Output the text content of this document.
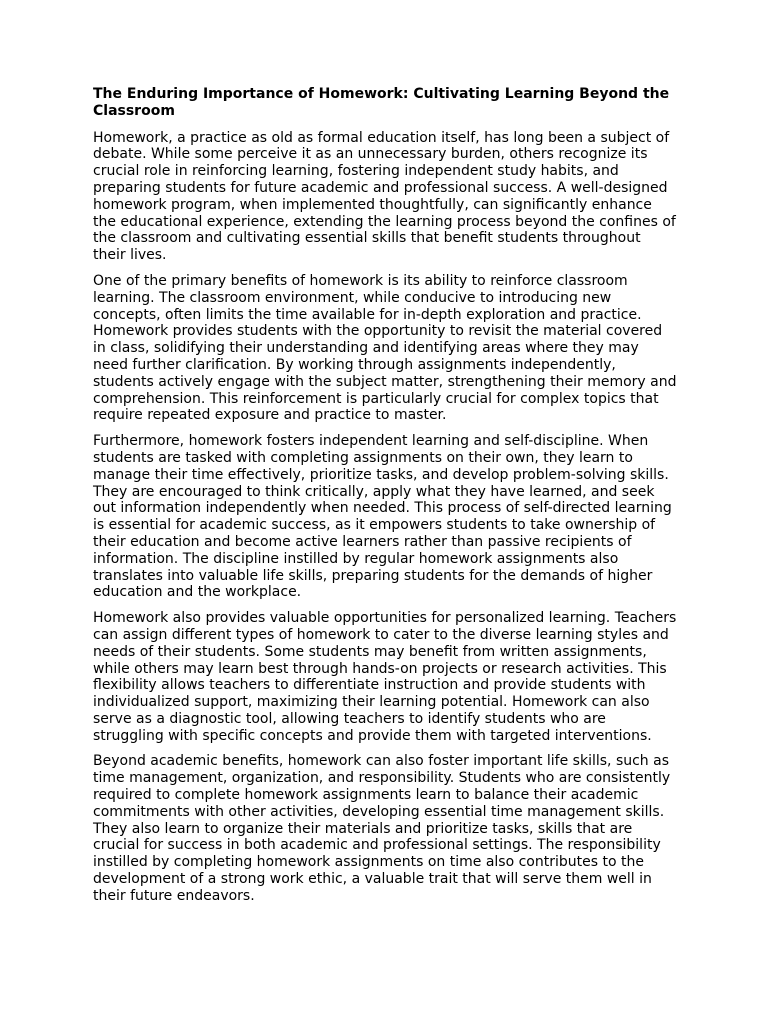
The Enduring Importance of Homework: Cultivating Learning Beyond the Classroom

Homework, a practice as old as formal education itself, has long been a subject of debate. While some perceive it as an unnecessary burden, others recognize its crucial role in reinforcing learning, fostering independent study habits, and preparing students for future academic and professional success. A well-designed homework program, when implemented thoughtfully, can significantly enhance the educational experience, extending the learning process beyond the confines of the classroom and cultivating essential skills that benefit students throughout their lives.

One of the primary benefits of homework is its ability to reinforce classroom learning. The classroom environment, while conducive to introducing new concepts, often limits the time available for in-depth exploration and practice. Homework provides students with the opportunity to revisit the material covered in class, solidifying their understanding and identifying areas where they may need further clarification. By working through assignments independently, students actively engage with the subject matter, strengthening their memory and comprehension. This reinforcement is particularly crucial for complex topics that require repeated exposure and practice to master.

Furthermore, homework fosters independent learning and self-discipline. When students are tasked with completing assignments on their own, they learn to manage their time effectively, prioritize tasks, and develop problem-solving skills. They are encouraged to think critically, apply what they have learned, and seek out information independently when needed. This process of self-directed learning is essential for academic success, as it empowers students to take ownership of their education and become active learners rather than passive recipients of information. The discipline instilled by regular homework assignments also translates into valuable life skills, preparing students for the demands of higher education and the workplace.

Homework also provides valuable opportunities for personalized learning. Teachers can assign different types of homework to cater to the diverse learning styles and needs of their students. Some students may benefit from written assignments, while others may learn best through hands-on projects or research activities. This flexibility allows teachers to differentiate instruction and provide students with individualized support, maximizing their learning potential. Homework can also serve as a diagnostic tool, allowing teachers to identify students who are struggling with specific concepts and provide them with targeted interventions.

Beyond academic benefits, homework can also foster important life skills, such as time management, organization, and responsibility. Students who are consistently required to complete homework assignments learn to balance their academic commitments with other activities, developing essential time management skills. They also learn to organize their materials and prioritize tasks, skills that are crucial for success in both academic and professional settings. The responsibility instilled by completing homework assignments on time also contributes to the development of a strong work ethic, a valuable trait that will serve them well in their future endeavors.
